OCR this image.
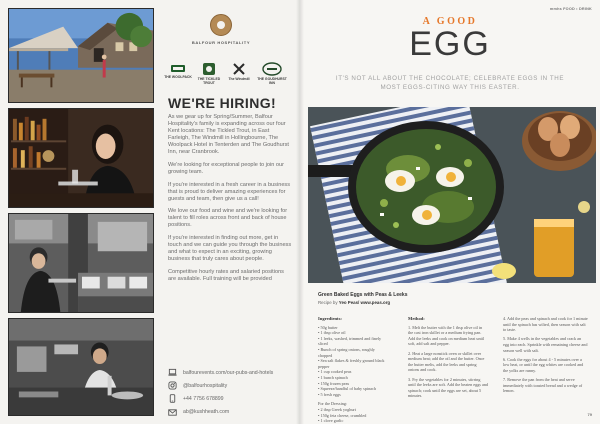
BALFOUR HOSPITALITY
THE WOOLPACK	THE TICKLED TROUT
The Windmill	THE GOUDHURST INN
WE'RE HIRING!

As we gear up for Spring/Summer, Balfour Hospitality's family is expanding across our four Kent locations: The Tickled Trout, in East Farleigh, The Windmill in Hollingbourne, The Woolpack Hotel in Tenterden and The Goudhurst Inn, near Cranbrook.

We're looking for exceptional people to join our growing team.

If you're interested in a fresh career in a business that is proud to deliver amazing experiences for guests and team, then give us a call!

We love our food and wine and we're looking for talent to fill roles across front and back of house positions.

If you're interested in finding out more, get in touch and we can guide you through the business and what to expect in an exciting, growing business that truly cares about people.

Competitive hourly rates and salaried positions are available. Full training will be provided

balfourevents.com/our-pubs-and-hotels
@balfourhospitality
+44 7756 678899
ab@kushheath.com
mmhs FOOD • DRINK
A GOOD
EGG
IT'S NOT ALL ABOUT THE CHOCOLATE; CELEBRATE EGGS IN THE MOST EGGS-CITING WAY THIS EASTER.
Green Baked Eggs with Peas & Leeks
Recipe by Yeo Peas/ www.peas.org
Ingredients:
• 50g butter
• 1 tbsp olive oil
• 1 leeks, washed, trimmed and finely sliced
• Bunch of spring onions, roughly chopped
• Sea salt flakes & freshly ground black pepper
• 1 cup cooked peas
• 1 bunch spinach
• 150g frozen peas
• Squeeze/handful of baby spinach
• 5 fresh eggs
For the Dressing:
• 2 tbsp Greek yoghurt
• 150g feta cheese, crumbled
• 1 clove garlic
Method:

1. Melt the butter with the 1 tbsp olive oil in the cast iron skillet or a medium frying pan. Add the leeks and cook on medium heat until soft, add salt and pepper.

2. Heat a large nonstick oven or skillet over medium heat; add the oil and the butter. Once the butter melts, add the leeks and spring onions and cook.

3. Fry the vegetables for 2 minutes, stirring until the leeks are soft. Add the beaten eggs and spinach; cook until the eggs are set, about 5 minutes.

4. Add the peas and spinach and cook for 1 minute until the spinach has wilted, then season with salt to taste.

5. Make 4 wells in the vegetables and crack an egg into each. Sprinkle with remaining cheese and season well with salt.

6. Cook the eggs for about 4 - 5 minutes over a low heat, or until the egg whites are cooked and the yolks are runny.

7. Remove the pan from the heat and serve immediately with toasted bread and a wedge of lemon.

79
